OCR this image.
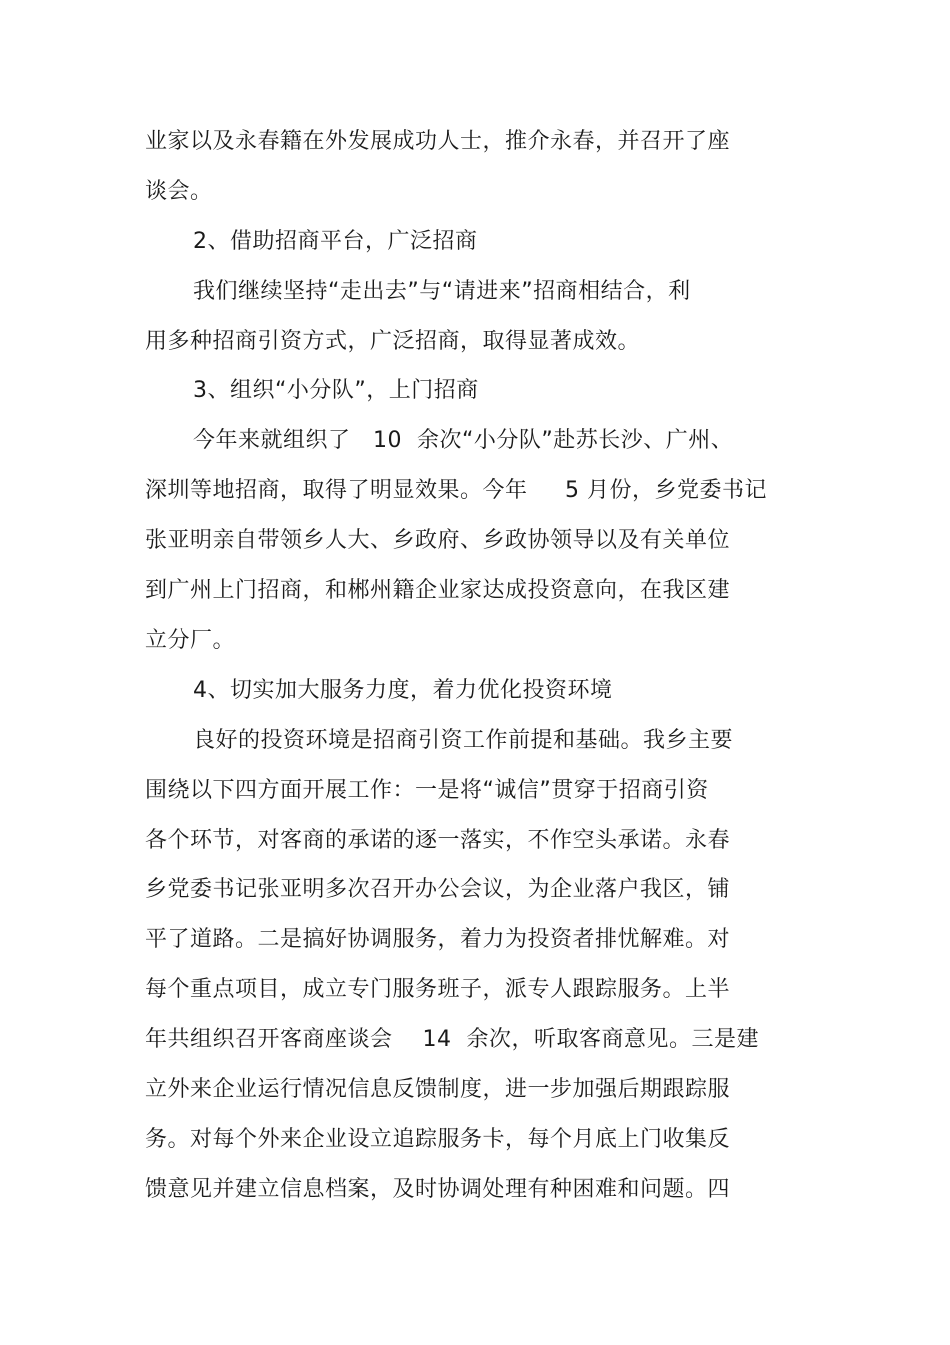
业家以及永春籍在外发展成功人士，推介永春，并召开了座
谈会。
2、借助招商平台，广泛招商
我们继续坚持“走出去”与“请进来”招商相结合，利
用多种招商引资方式，广泛招商，取得显著成效。
3、组织“小分队”，上门招商
今年来就组织了   10  余次“小分队”赴苏长沙、广州、
深圳等地招商，取得了明显效果。今年     5 月份，乡党委书记
张亚明亲自带领乡人大、乡政府、乡政协领导以及有关单位
到广州上门招商，和郴州籍企业家达成投资意向，在我区建
立分厂。
4、切实加大服务力度，着力优化投资环境
良好的投资环境是招商引资工作前提和基础。我乡主要
围绕以下四方面开展工作：一是将“诚信”贯穿于招商引资
各个环节，对客商的承诺的逐一落实，不作空头承诺。永春
乡党委书记张亚明多次召开办公会议，为企业落户我区，铺
平了道路。二是搞好协调服务，着力为投资者排忧解难。对
每个重点项目，成立专门服务班子，派专人跟踪服务。上半
年共组织召开客商座谈会    14  余次，听取客商意见。三是建
立外来企业运行情况信息反馈制度，进一步加强后期跟踪服
务。对每个外来企业设立追踪服务卡，每个月底上门收集反
馈意见并建立信息档案，及时协调处理有种困难和问题。四
